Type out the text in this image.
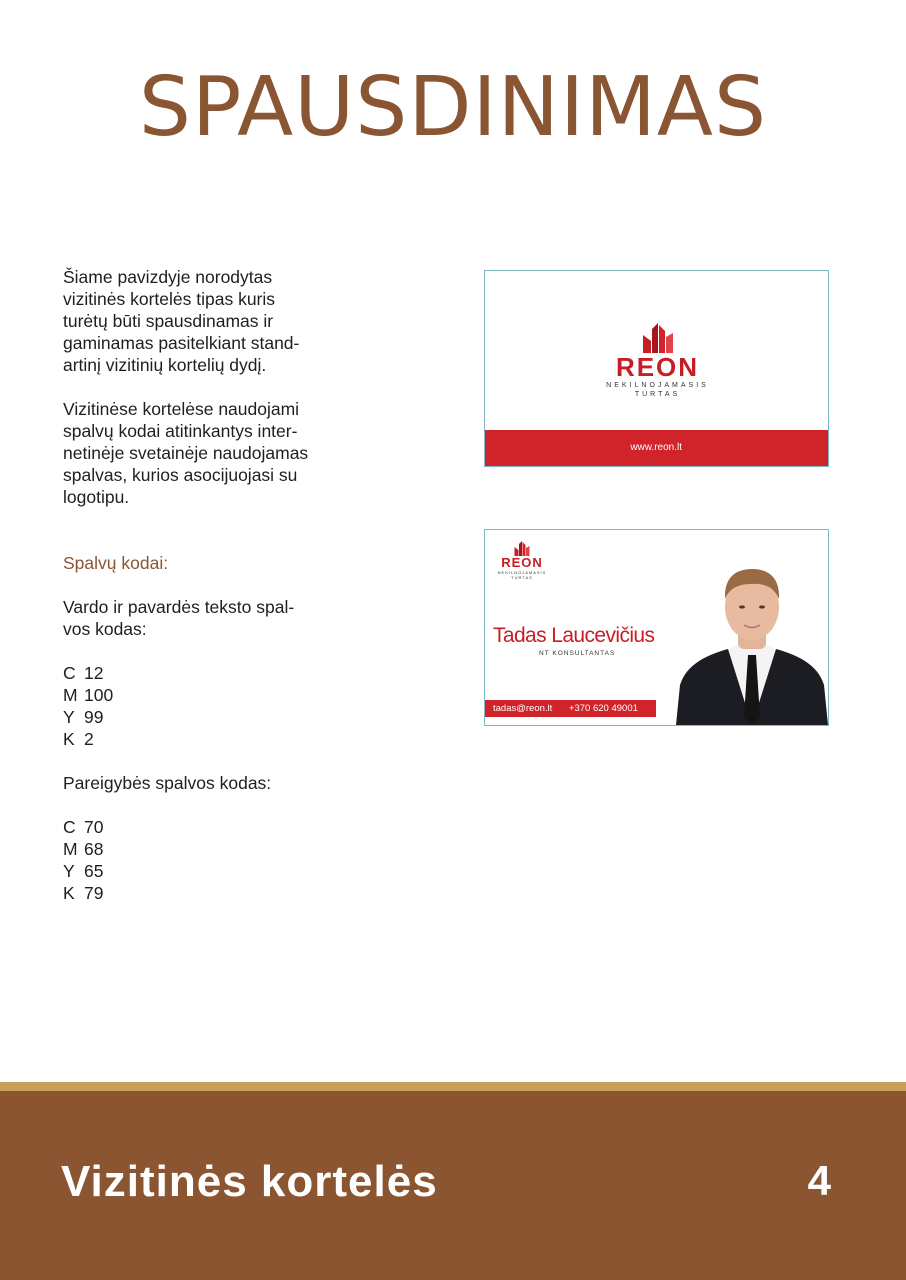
SPAUSDINIMAS

Šiame pavizdyje norodytas

vizitinės kortelės tipas kuris

turėtų būti spausdinamas ir

gaminamas pasitelkiant stand-

artinį vizitinių kortelių dydį.

Vizitinėse kortelėse naudojami

spalvų kodai atitinkantys inter-

netinėje svetainėje naudojamas

spalvas, kurios asocijuojasi su

logotipu.

Spalvų kodai:

Vardo ir pavardės teksto spal-

vos kodas:

C 12
M 100
Y 99
K 2

Pareigybės spalvos kodas:

C 70
M 68
Y 65
K 79
REON
NEKILNOJAMASIS
TURTAS
www.reon.lt
REON
NEKILNOJAMASIS
TURTAS
Tadas Laucevičius
NT KONSULTANTAS
tadas@reon.lt +370 620 49001
Vizitinės kortelės	4
